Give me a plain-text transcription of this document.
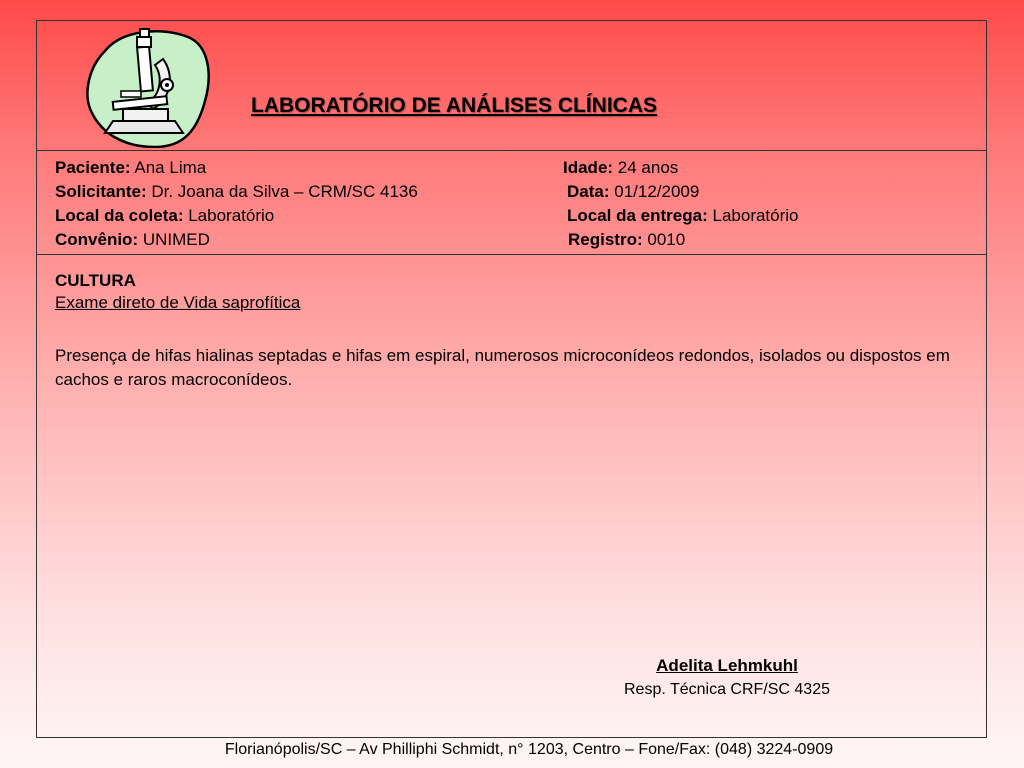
LABORATÓRIO DE ANÁLISES CLÍNICAS
Paciente: Ana Lima	Idade: 24 anos
Solicitante: Dr. Joana da Silva – CRM/SC 4136	Data: 01/12/2009
Local da coleta: Laboratório	Local da entrega: Laboratório
Convênio: UNIMED	Registro: 0010

CULTURA

Exame direto de Vida saprofítica
Presença de hifas hialinas septadas e hifas em espiral, numerosos microconídeos redondos, isolados ou dispostos em cachos e raros macroconídeos.
Adelita Lehmkuhl
Resp. Técnica CRF/SC 4325
Florianópolis/SC – Av Philliphi Schmidt, n° 1203, Centro – Fone/Fax: (048) 3224-0909
